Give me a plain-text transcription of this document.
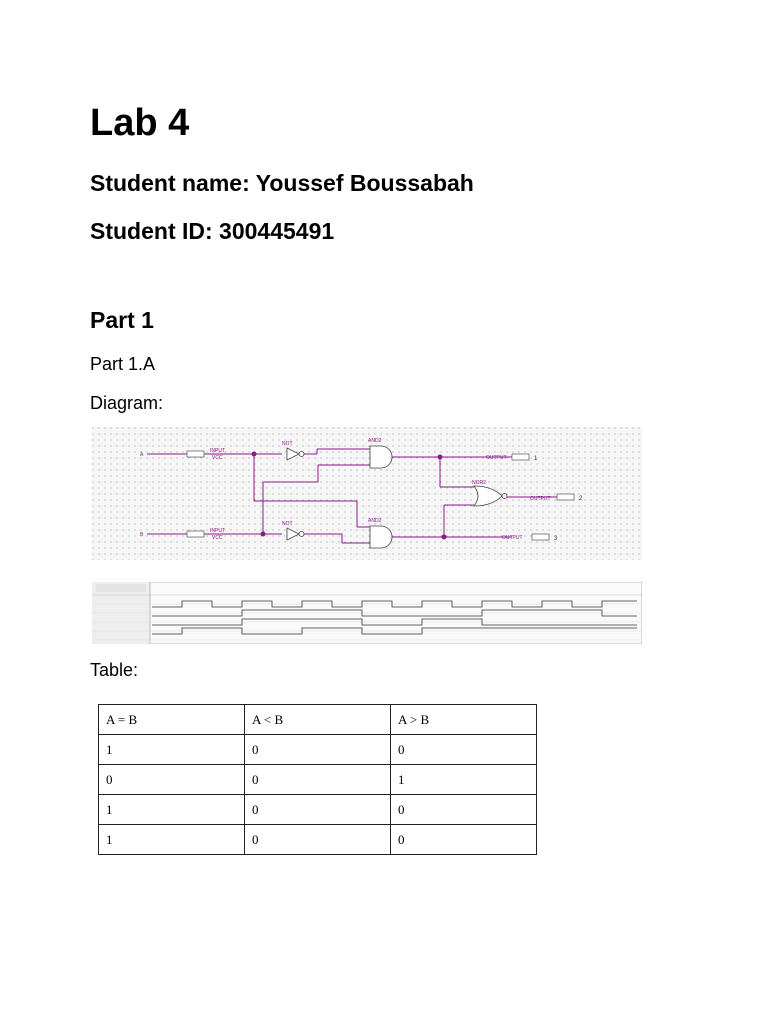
Lab 4
Student name: Youssef Boussabah
Student ID: 300445491
Part 1

Part 1.A

Diagram:

A
INPUT
VCC
B
INPUT
VCC
NOT
NOT
AND2
AND2
NOR2
OUTPUT	1
OUTPUT	2
OUTPUT	3

Table:

A = B	A < B	A > B
1	0	0
0	0	1
1	0	0
1	0	0
